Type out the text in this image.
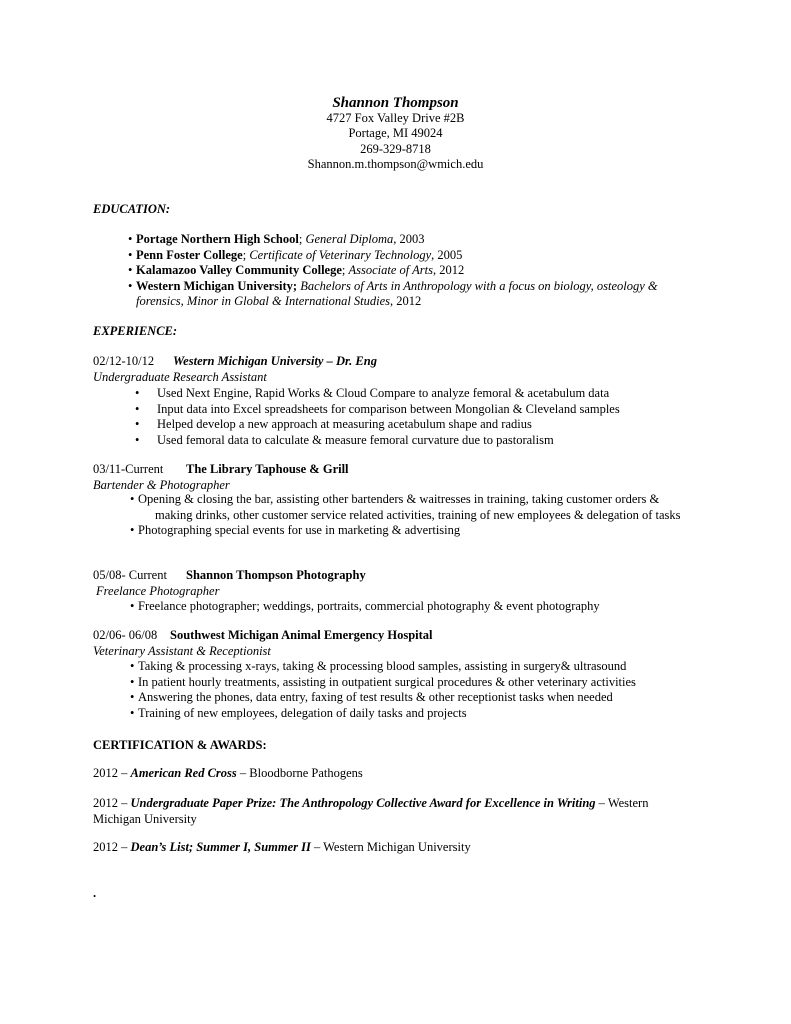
Shannon Thompson
4727 Fox Valley Drive #2B
Portage, MI 49024
269-329-8718
Shannon.m.thompson@wmich.edu
EDUCATION:
• Portage Northern High School; General Diploma, 2003
• Penn Foster College; Certificate of Veterinary Technology, 2005
• Kalamazoo Valley Community College; Associate of Arts, 2012
• Western Michigan University; Bachelors of Arts in Anthropology with a focus on biology, osteology & forensics, Minor in Global & International Studies, 2012
EXPERIENCE:
02/12-10/12 Western Michigan University – Dr. Eng
Undergraduate Research Assistant
• Used Next Engine, Rapid Works & Cloud Compare to analyze femoral & acetabulum data
• Input data into Excel spreadsheets for comparison between Mongolian & Cleveland samples
• Helped develop a new approach at measuring acetabulum shape and radius
• Used femoral data to calculate & measure femoral curvature due to pastoralism
03/11-Current The Library Taphouse & Grill
Bartender & Photographer
• Opening & closing the bar, assisting other bartenders & waitresses in training, taking customer orders & making drinks, other customer service related activities, training of new employees & delegation of tasks
• Photographing special events for use in marketing & advertising
05/08- Current Shannon Thompson Photography
Freelance Photographer
• Freelance photographer; weddings, portraits, commercial photography & event photography
02/06- 06/08 Southwest Michigan Animal Emergency Hospital
Veterinary Assistant & Receptionist
• Taking & processing x-rays, taking & processing blood samples, assisting in surgery& ultrasound
• In patient hourly treatments, assisting in outpatient surgical procedures & other veterinary activities
• Answering the phones, data entry, faxing of test results & other receptionist tasks when needed
• Training of new employees, delegation of daily tasks and projects
CERTIFICATION & AWARDS:
2012 – American Red Cross – Bloodborne Pathogens
2012 – Undergraduate Paper Prize: The Anthropology Collective Award for Excellence in Writing – Western Michigan University
2012 – Dean’s List; Summer I, Summer II – Western Michigan University
.
